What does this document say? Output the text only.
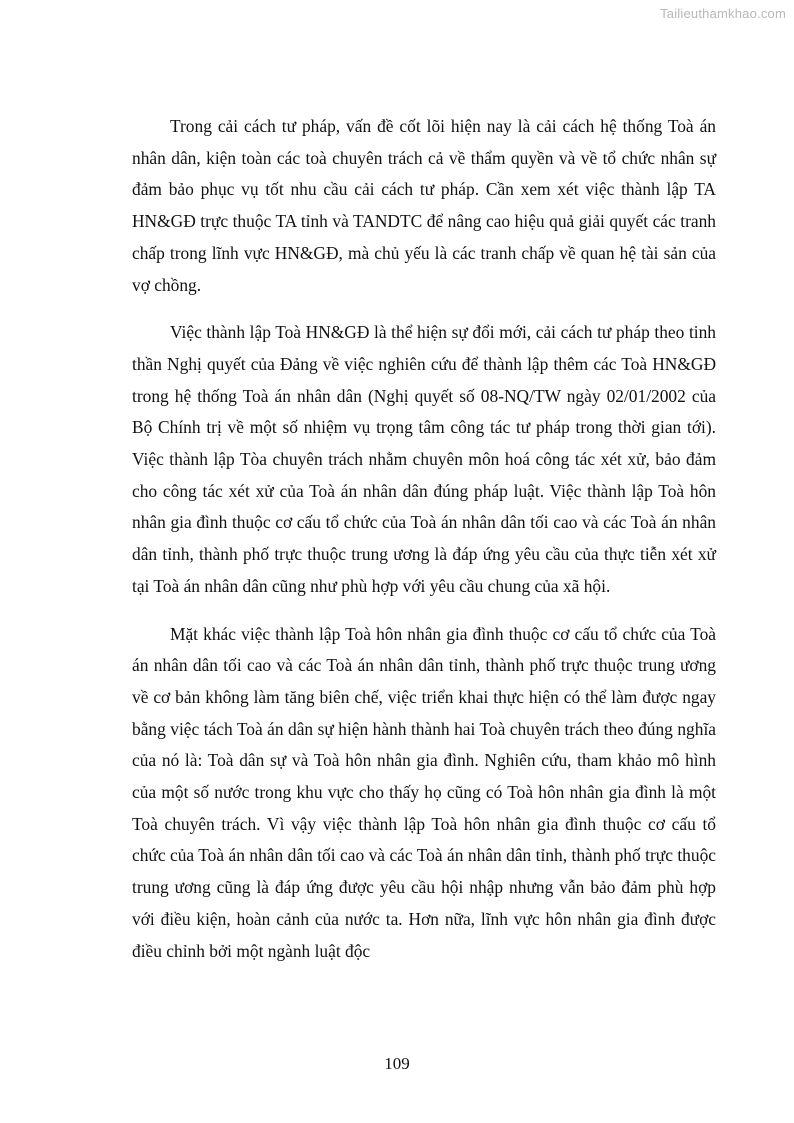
Tailieuthamkhao.com

Trong cải cách tư pháp, vấn đề cốt lõi hiện nay là cải cách hệ thống Toà án nhân dân, kiện toàn các toà chuyên trách cả về thẩm quyền và về tổ chức nhân sự đảm bảo phục vụ tốt nhu cầu cải cách tư pháp. Cần xem xét việc thành lập TA HN&GĐ trực thuộc TA tỉnh và TANDTC để nâng cao hiệu quả giải quyết các tranh chấp trong lĩnh vực HN&GĐ, mà chủ yếu là các tranh chấp về quan hệ tài sản của vợ chồng.

Việc thành lập Toà HN&GĐ là thể hiện sự đổi mới, cải cách tư pháp theo tinh thần Nghị quyết của Đảng về việc nghiên cứu để thành lập thêm các Toà HN&GĐ trong hệ thống Toà án nhân dân (Nghị quyết số 08-NQ/TW ngày 02/01/2002 của Bộ Chính trị về một số nhiệm vụ trọng tâm công tác tư pháp trong thời gian tới). Việc thành lập Tòa chuyên trách nhằm chuyên môn hoá công tác xét xử, bảo đảm cho công tác xét xử của Toà án nhân dân đúng pháp luật. Việc thành lập Toà hôn nhân gia đình thuộc cơ cấu tổ chức của Toà án nhân dân tối cao và các Toà án nhân dân tỉnh, thành phố trực thuộc trung ương là đáp ứng yêu cầu của thực tiễn xét xử tại Toà án nhân dân cũng như phù hợp với yêu cầu chung của xã hội.

Mặt khác việc thành lập Toà hôn nhân gia đình thuộc cơ cấu tổ chức của Toà án nhân dân tối cao và các Toà án nhân dân tỉnh, thành phố trực thuộc trung ương về cơ bản không làm tăng biên chế, việc triển khai thực hiện có thể làm được ngay bằng việc tách Toà án dân sự hiện hành thành hai Toà chuyên trách theo đúng nghĩa của nó là: Toà dân sự và Toà hôn nhân gia đình. Nghiên cứu, tham khảo mô hình của một số nước trong khu vực cho thấy họ cũng có Toà hôn nhân gia đình là một Toà chuyên trách. Vì vậy việc thành lập Toà hôn nhân gia đình thuộc cơ cấu tổ chức của Toà án nhân dân tối cao và các Toà án nhân dân tỉnh, thành phố trực thuộc trung ương cũng là đáp ứng được yêu cầu hội nhập nhưng vẫn bảo đảm phù hợp với điều kiện, hoàn cảnh của nước ta. Hơn nữa, lĩnh vực hôn nhân gia đình được điều chỉnh bởi một ngành luật độc

109
